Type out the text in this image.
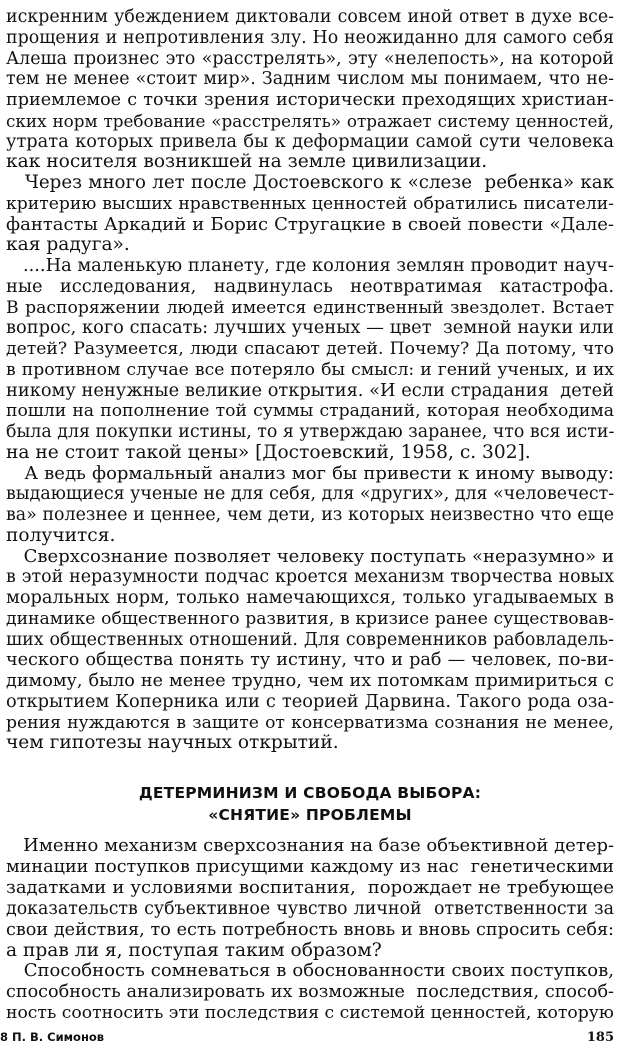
искренним убеждением диктовали совсем иной ответ в духе все-
прощения и непротивления злу. Но неожиданно для самого себя
Алеша произнес это «расстрелять», эту «нелепость», на которой
тем не менее «стоит мир». Задним числом мы понимаем, что не-
приемлемое с точки зрения исторически преходящих христиан-
ских норм требование «расстрелять» отражает систему ценностей,
утрата которых привела бы к деформации самой сути человека
как носителя возникшей на земле цивилизации.
Через много лет после Достоевского к «слезе  ребенка» как
критерию высших нравственных ценностей обратились писатели-
фантасты Аркадий и Борис Стругацкие в своей повести «Дале-
кая радуга».
....На маленькую планету, где колония землян проводит науч-
ные   исследования,   надвинулась   неотвратимая   катастрофа.
В распоряжении людей имеется единственный звездолет. Встает
вопрос, кого спасать: лучших ученых — цвет  земной науки или
детей? Разумеется, люди спасают детей. Почему? Да потому, что
в противном случае все потеряло бы смысл: и гений ученых, и их
никому ненужные великие открытия. «И если страдания  детей
пошли на пополнение той суммы страданий, которая необходима
была для покупки истины, то я утверждаю заранее, что вся исти-
на не стоит такой цены» [Достоевский, 1958, с. 302].
А ведь формальный анализ мог бы привести к иному выводу:
выдающиеся ученые не для себя, для «других», для «человечест-
ва» полезнее и ценнее, чем дети, из которых неизвестно что еще
получится.
Сверхсознание позволяет человеку поступать «неразумно» и
в этой неразумности подчас кроется механизм творчества новых
моральных норм, только намечающихся, только угадываемых в
динамике общественного развития, в кризисе ранее существовав-
ших общественных отношений. Для современников рабовладель-
ческого общества понять ту истину, что и раб — человек, по-ви-
димому, было не менее трудно, чем их потомкам примириться с
открытием Коперника или с теорией Дарвина. Такого рода оза-
рения нуждаются в защите от консерватизма сознания не менее,
чем гипотезы научных открытий.
ДЕТЕРМИНИЗМ И СВОБОДА ВЫБОРА:
«СНЯТИЕ» ПРОБЛЕМЫ
Именно механизм сверхсознания на базе объективной детер-
минации поступков присущими каждому из нас  генетическими
задатками и условиями воспитания,  порождает не требующее
доказательств субъективное чувство личной  ответственности за
свои действия, то есть потребность вновь и вновь спросить себя:
а прав ли я, поступая таким образом?
Способность сомневаться в обоснованности своих поступков,
способность анализировать их возможные  последствия, способ-
ность соотносить эти последствия с системой ценностей, которую
8 П. В. Симонов	185
